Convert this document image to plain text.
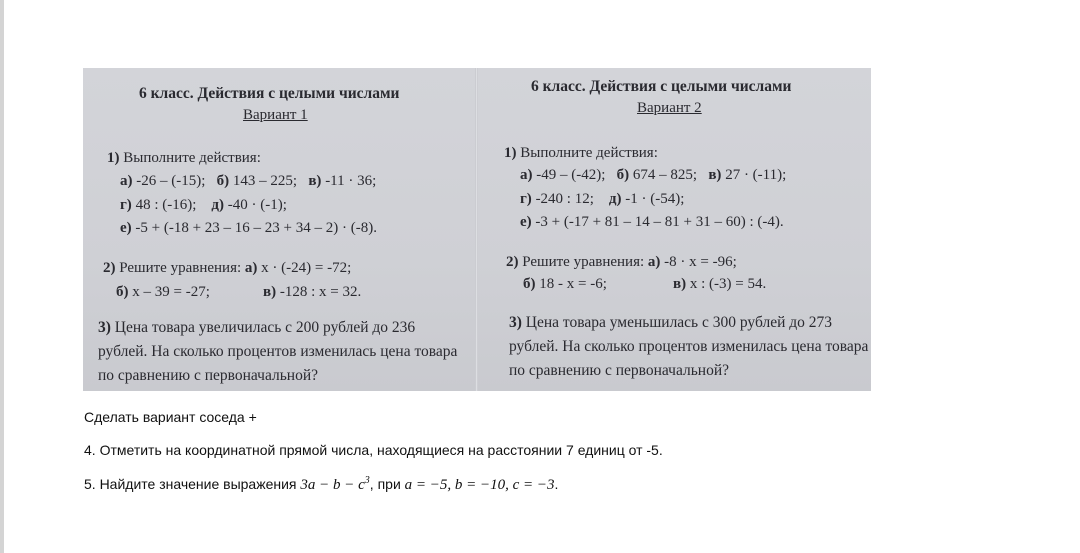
6 класс. Действия с целыми числами
Вариант 1
1) Выполните действия:
а) -26 – (-15); б) 143 – 225; в) -11 · 36;
г) 48 : (-16); д) -40 · (-1);
е) -5 + (-18 + 23 – 16 – 23 + 34 – 2) · (-8).
2) Решите уравнения: а) x · (-24) = -72;
б) x – 39 = -27;	в) -128 : x = 32.
3) Цена товара увеличилась с 200 рублей до 236 рублей. На сколько процентов изменилась цена товара по сравнению с первоначальной?
6 класс. Действия с целыми числами
Вариант 2
1) Выполните действия:
а) -49 – (-42); б) 674 – 825; в) 27 · (-11);
г) -240 : 12; д) -1 · (-54);
е) -3 + (-17 + 81 – 14 – 81 + 31 – 60) : (-4).
2) Решите уравнения: а) -8 · x = -96;
б) 18 - x = -6;	в) x : (-3) = 54.
3) Цена товара уменьшилась с 300 рублей до 273 рублей. На сколько процентов изменилась цена товара по сравнению с первоначальной?
Сделать вариант соседа +
4. Отметить на координатной прямой числа, находящиеся на расстоянии 7 единиц от -5.
5. Найдите значение выражения $3a - b - c^3$, при a = −5, b = −10, c = −3.
